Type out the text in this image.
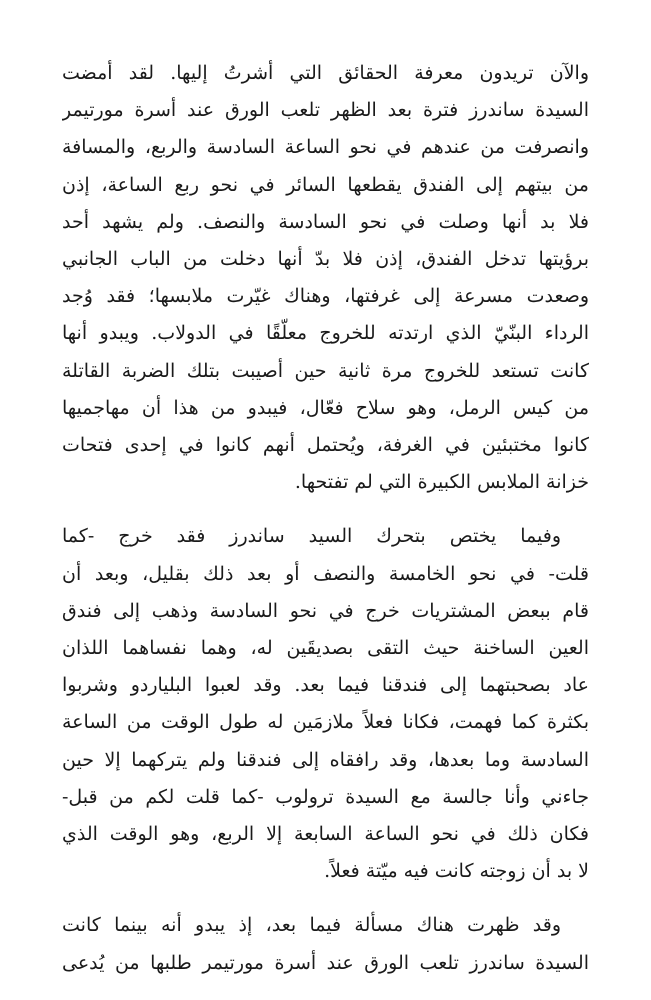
والآن تريدون معرفة الحقائق التي أشرتُ إليها. لقد أمضت
السيدة ساندرز فترة بعد الظهر تلعب الورق عند أسرة مورتيمر
وانصرفت من عندهم في نحو الساعة السادسة والربع، والمسافة
من بيتهم إلى الفندق يقطعها السائر في نحو ربع الساعة، إذن
فلا بد أنها وصلت في نحو السادسة والنصف. ولم يشهد أحد
برؤيتها تدخل الفندق، إذن فلا بدّ أنها دخلت من الباب الجانبي
وصعدت مسرعة إلى غرفتها، وهناك غيّرت ملابسها؛ فقد وُجد
الرداء البنّيّ الذي ارتدته للخروج معلّقًا في الدولاب. ويبدو أنها
كانت تستعد للخروج مرة ثانية حين أصيبت بتلك الضربة القاتلة
من كيس الرمل، وهو سلاح فعّال، فيبدو من هذا أن مهاجميها
كانوا مختبئين في الغرفة، ويُحتمل أنهم كانوا في إحدى فتحات
خزانة الملابس الكبيرة التي لم تفتحها.

وفيما يختص بتحرك السيد ساندرز فقد خرج -كما
قلت- في نحو الخامسة والنصف أو بعد ذلك بقليل، وبعد أن
قام ببعض المشتريات خرج في نحو السادسة وذهب إلى فندق
العين الساخنة حيث التقى بصديقَين له، وهما نفساهما اللذان
عاد بصحبتهما إلى فندقنا فيما بعد. وقد لعبوا البلياردو وشربوا
بكثرة كما فهمت، فكانا فعلاً ملازمَين له طول الوقت من الساعة
السادسة وما بعدها، وقد رافقاه إلى فندقنا ولم يتركهما إلا حين
جاءني وأنا جالسة مع السيدة ترولوب -كما قلت لكم من قبل-
فكان ذلك في نحو الساعة السابعة إلا الربع، وهو الوقت الذي
لا بد أن زوجته كانت فيه ميّتة فعلاً.

وقد ظهرت هناك مسألة فيما بعد، إذ يبدو أنه بينما كانت
السيدة ساندرز تلعب الورق عند أسرة مورتيمر طلبها من يُدعى
